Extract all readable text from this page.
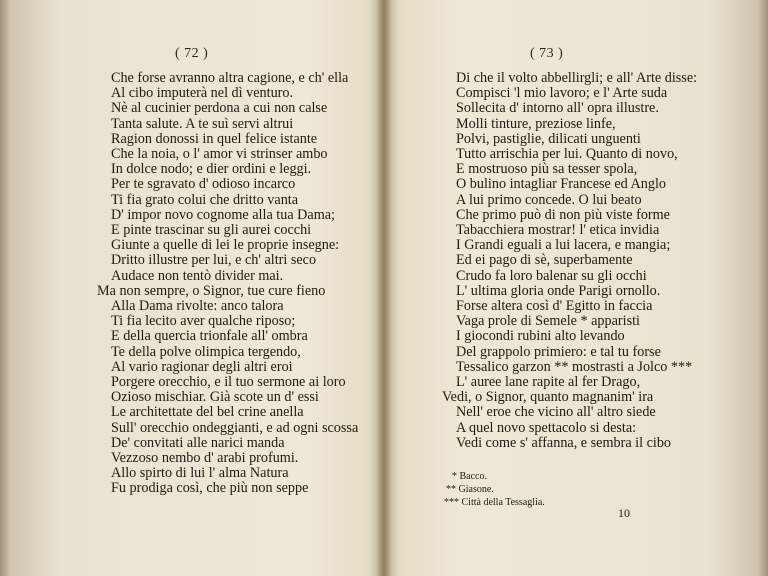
( 72 )
Che forse avranno altra cagione, e ch' ella
Al cibo imputerà nel dì venturo.
Nè al cucinier perdona a cui non calse
Tanta salute. A te suì servi altrui
Ragion donossi in quel felice istante
Che la noia, o l' amor vi strinser ambo
In dolce nodo; e dier ordini e leggi.
Per te sgravato d' odioso incarco
Ti fia grato colui che dritto vanta
D' impor novo cognome alla tua Dama;
E pinte trascinar su gli aurei cocchi
Giunte a quelle di lei le proprie insegne:
Dritto illustre per lui, e ch' altri seco
Audace non tentò divider mai.
Ma non sempre, o Signor, tue cure fieno
Alla Dama rivolte: anco talora
Ti fia lecito aver qualche riposo;
E della quercia trionfale all' ombra
Te della polve olimpica tergendo,
Al vario ragionar degli altri eroi
Porgere orecchio, e il tuo sermone ai loro
Ozioso mischiar. Già scote un d' essi
Le architettate del bel crine anella
Sull' orecchio ondeggianti, e ad ogni scossa
De' convitati alle narici manda
Vezzoso nembo d' arabi profumi.
Allo spirto di lui l' alma Natura
Fu prodiga così, che più non seppe
( 73 )
Di che il volto abbellirgli; e all' Arte disse:
Compisci 'l mio lavoro; e l' Arte suda
Sollecita d' intorno all' opra illustre.
Molli tinture, preziose linfe,
Polvi, pastiglie, dilicati unguenti
Tutto arrischia per lui. Quanto di novo,
E mostruoso più sa tesser spola,
O bulino intagliar Francese ed Anglo
A lui primo concede. O lui beato
Che primo può di non più viste forme
Tabacchiera mostrar! l' etica invidia
I Grandi eguali a lui lacera, e mangia;
Ed ei pago di sè, superbamente
Crudo fa loro balenar su gli occhi
L' ultima gloria onde Parigi ornollo.
Forse altera così d' Egitto in faccia
Vaga prole di Semele * apparisti
I giocondi rubini alto levando
Del grappolo primiero: e tal tu forse
Tessalico garzon ** mostrasti a Jolco ***
L' auree lane rapite al fer Drago,
Vedi, o Signor, quanto magnanim' ira
Nell' eroe che vicino all' altro siede
A quel novo spettacolo si desta:
Vedi come s' affanna, e sembra il cibo
* Bacco.
** Giasone.
*** Città della Tessaglia.
10
